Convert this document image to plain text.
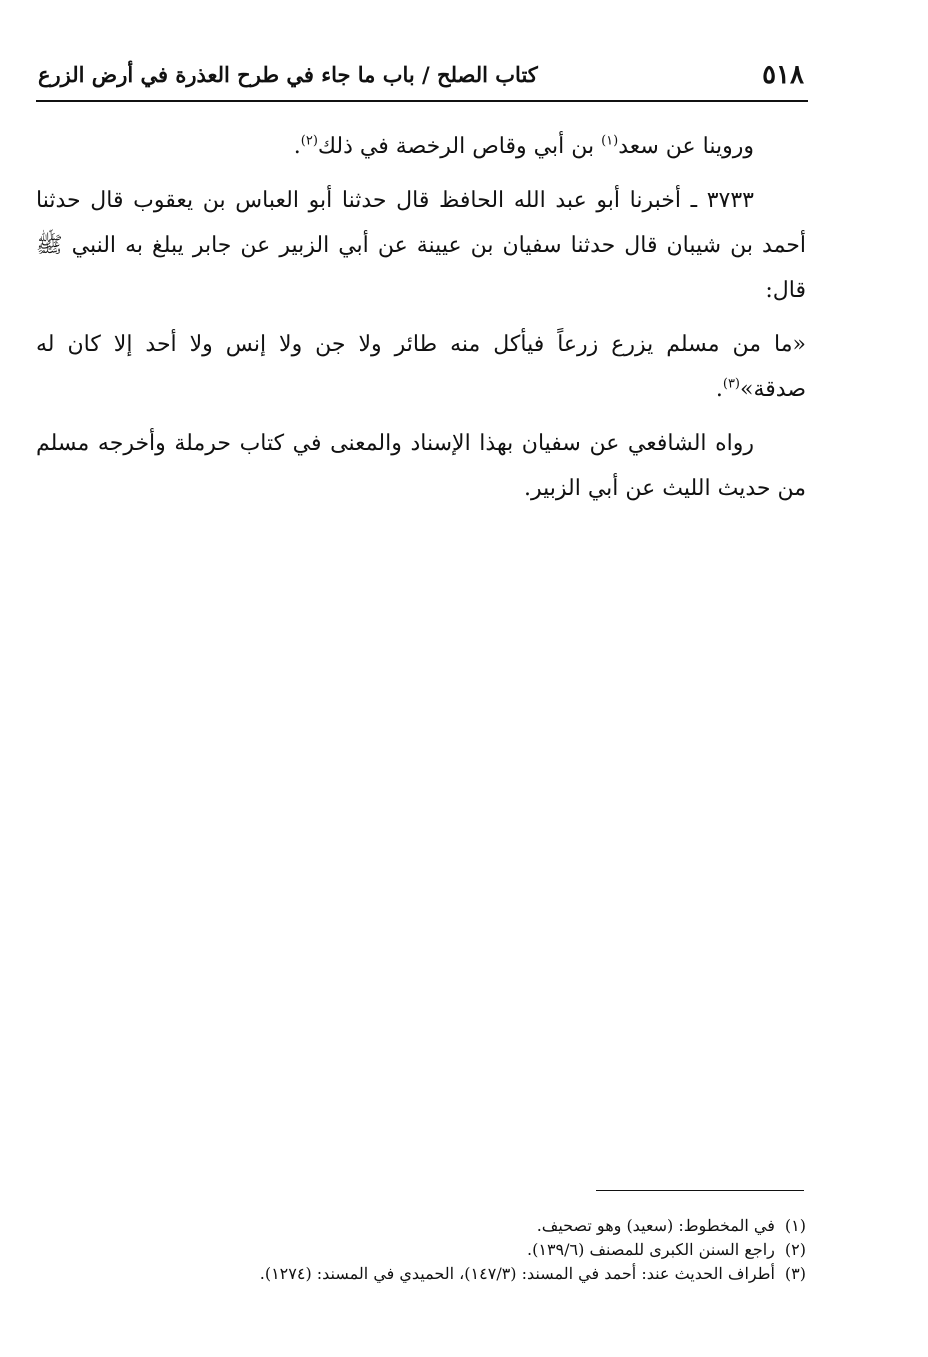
٥١٨
كتاب الصلح / باب ما جاء في طرح العذرة في أرض الزرع

وروينا عن سعد$^{(١)}$ بن أبي وقاص الرخصة في ذلك$^{(٢)}$.

٣٧٣٣ ـ أخبرنا أبو عبد الله الحافظ قال حدثنا أبو العباس بن يعقوب قال حدثنا أحمد بن شيبان قال حدثنا سفيان بن عيينة عن أبي الزبير عن جابر يبلغ به النبي ﷺ قال:

«ما من مسلم يزرع زرعاً فيأكل منه طائر ولا جن ولا إنس ولا أحد إلا كان له صدقة»$^{(٣)}$.

رواه الشافعي عن سفيان بهذا الإسناد والمعنى في كتاب حرملة وأخرجه مسلم من حديث الليث عن أبي الزبير.

(١)في المخطوط: (سعيد) وهو تصحيف.
(٢)راجع السنن الكبرى للمصنف (١٣٩/٦).
(٣)أطراف الحديث عند: أحمد في المسند: (١٤٧/٣)، الحميدي في المسند: (١٢٧٤).
